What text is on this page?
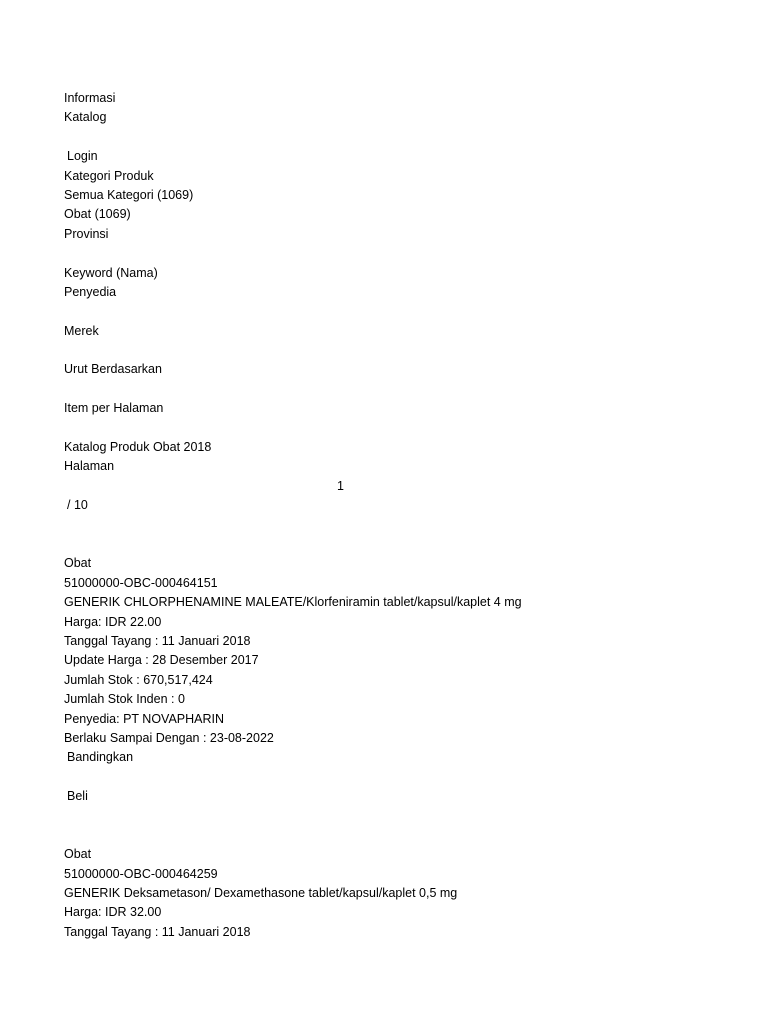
Informasi
Katalog
Login
Kategori Produk
Semua Kategori (1069)
Obat (1069)
Provinsi
Keyword (Nama)
Penyedia
Merek
Urut Berdasarkan
Item per Halaman
Katalog Produk Obat 2018
Halaman
1
/ 10
Obat
51000000-OBC-000464151
GENERIK CHLORPHENAMINE MALEATE/Klorfeniramin tablet/kapsul/kaplet 4 mg
Harga: IDR 22.00
Tanggal Tayang : 11 Januari 2018
Update Harga : 28 Desember 2017
Jumlah Stok : 670,517,424
Jumlah Stok Inden : 0
Penyedia: PT NOVAPHARIN
Berlaku Sampai Dengan : 23-08-2022
Bandingkan
Beli
Obat
51000000-OBC-000464259
GENERIK Deksametason/ Dexamethasone tablet/kapsul/kaplet 0,5 mg
Harga: IDR 32.00
Tanggal Tayang : 11 Januari 2018
